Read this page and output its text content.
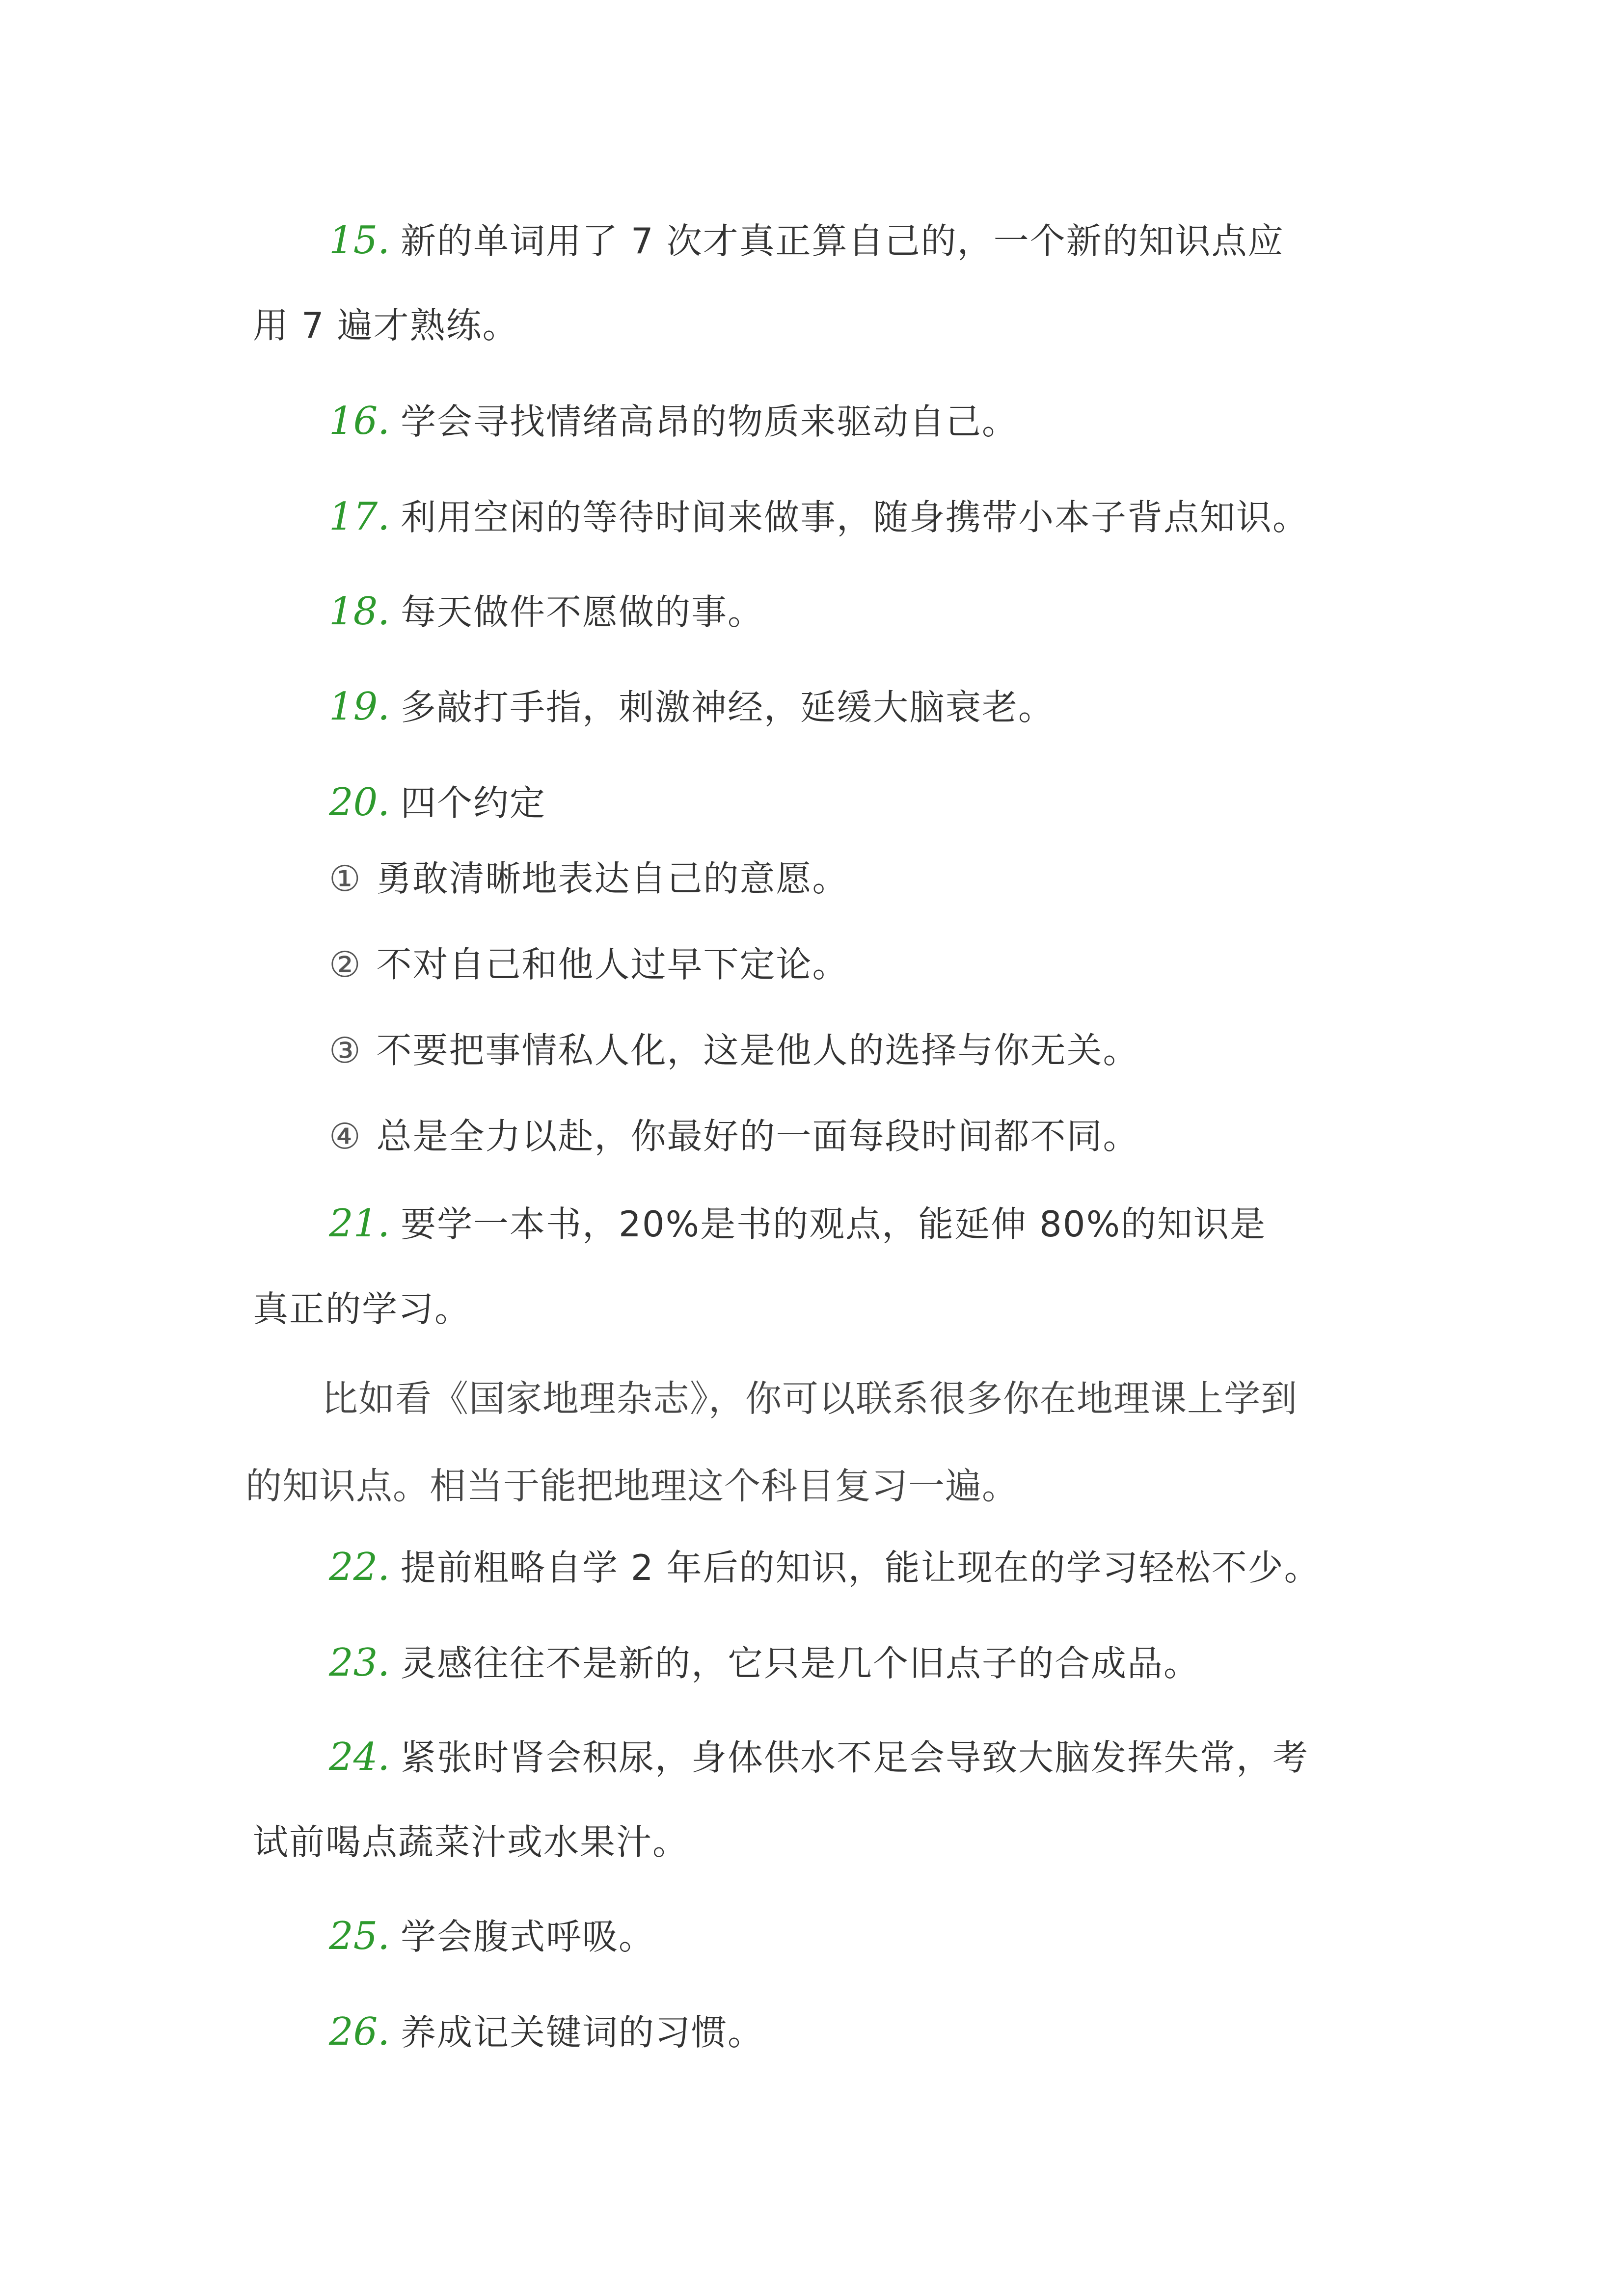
15. 新的单词用了 7 次才真正算自己的，一个新的知识点应
用 7 遍才熟练。
16. 学会寻找情绪高昂的物质来驱动自己。
17. 利用空闲的等待时间来做事，随身携带小本子背点知识。
18. 每天做件不愿做的事。
19. 多敲打手指，刺激神经，延缓大脑衰老。
20. 四个约定
① 勇敢清晰地表达自己的意愿。
② 不对自己和他人过早下定论。
③ 不要把事情私人化，这是他人的选择与你无关。
④ 总是全力以赴，你最好的一面每段时间都不同。
21. 要学一本书，20%是书的观点，能延伸 80%的知识是
真正的学习。
比如看《国家地理杂志》，你可以联系很多你在地理课上学到
的知识点。相当于能把地理这个科目复习一遍。
22. 提前粗略自学 2 年后的知识，能让现在的学习轻松不少。
23. 灵感往往不是新的，它只是几个旧点子的合成品。
24. 紧张时肾会积尿，身体供水不足会导致大脑发挥失常，考
试前喝点蔬菜汁或水果汁。
25. 学会腹式呼吸。
26. 养成记关键词的习惯。
